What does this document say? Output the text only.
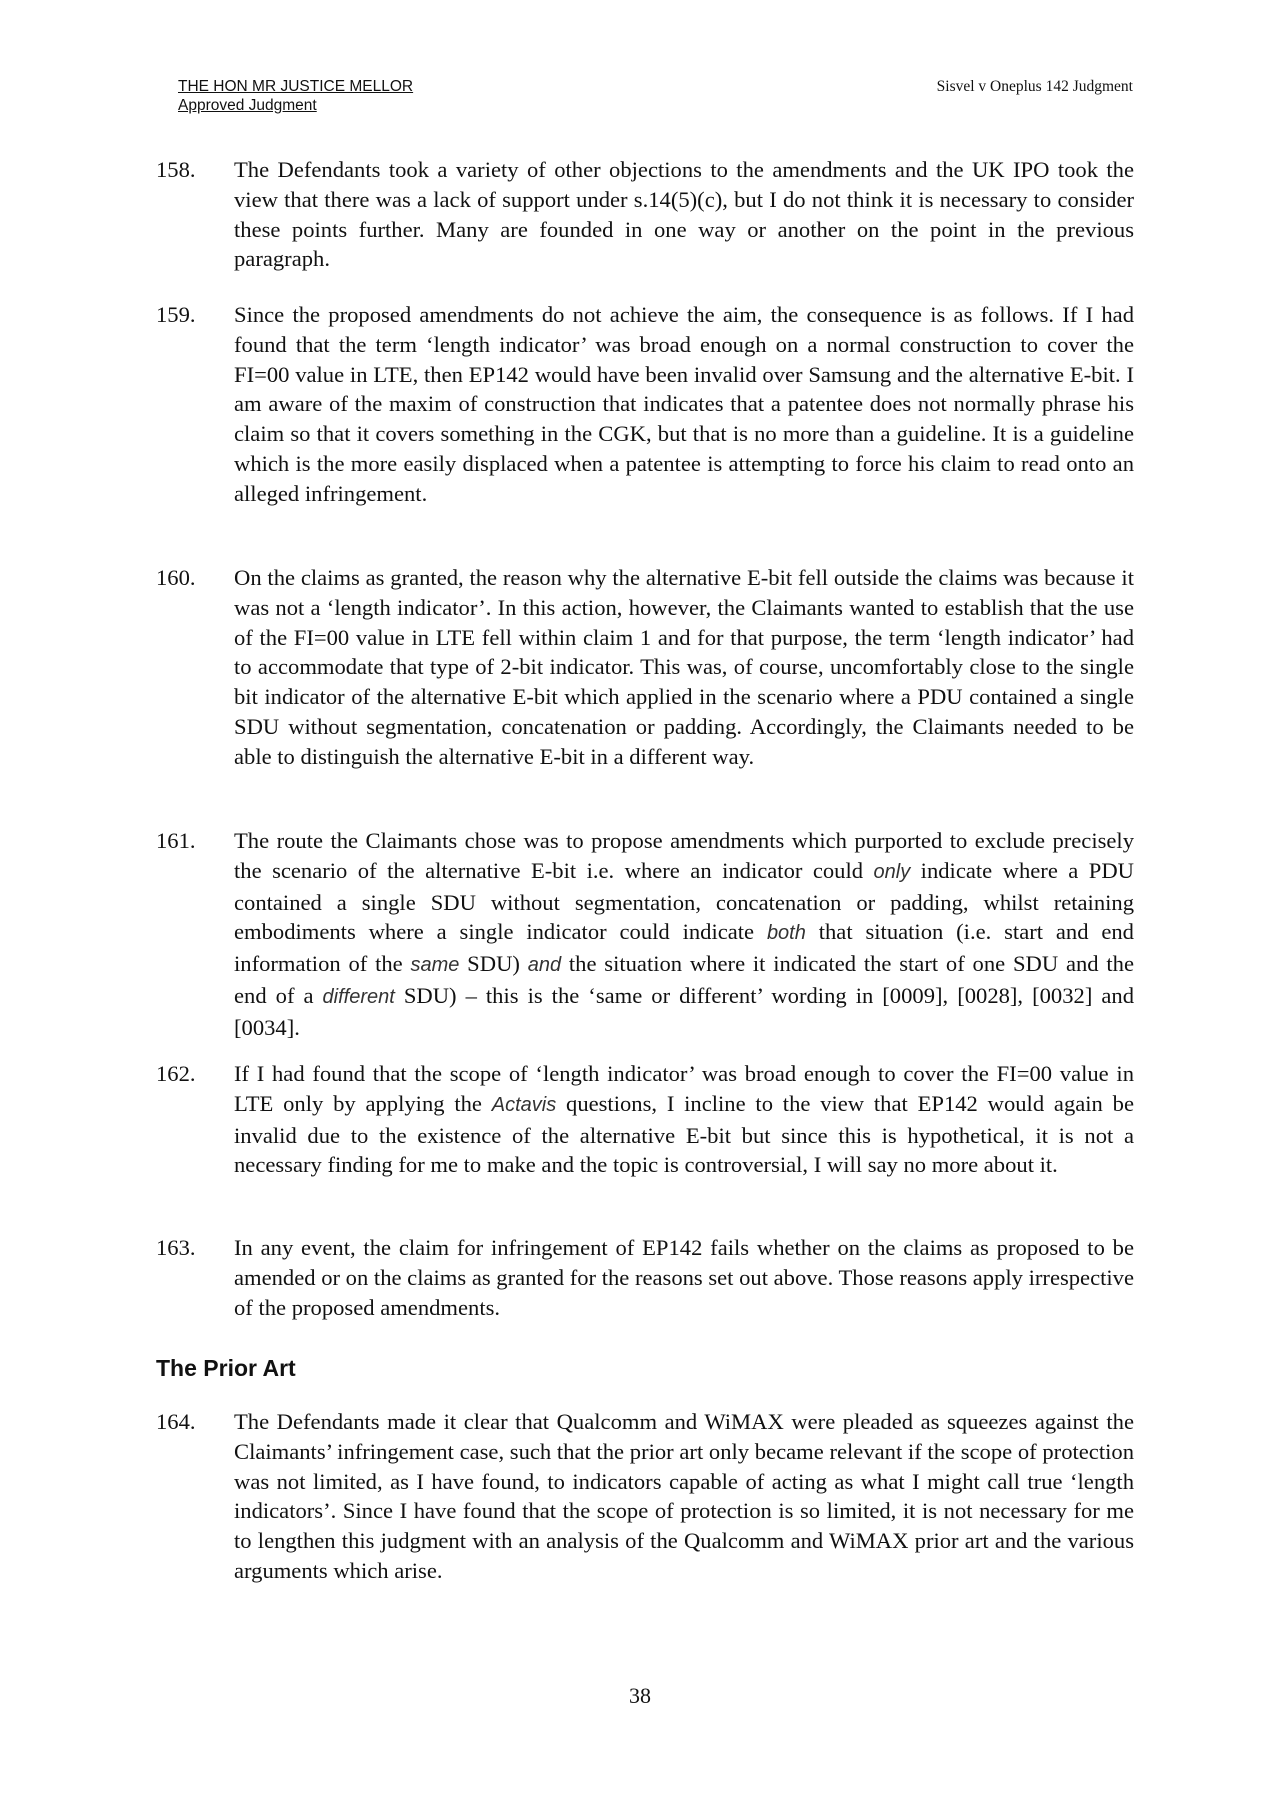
THE HON MR JUSTICE MELLOR
Approved Judgment
Sisvel v Oneplus 142 Judgment
158.	The Defendants took a variety of other objections to the amendments and the UK IPO took the view that there was a lack of support under s.14(5)(c), but I do not think it is necessary to consider these points further. Many are founded in one way or another on the point in the previous paragraph.

159.	Since the proposed amendments do not achieve the aim, the consequence is as follows. If I had found that the term ‘length indicator’ was broad enough on a normal construction to cover the FI=00 value in LTE, then EP142 would have been invalid over Samsung and the alternative E-bit. I am aware of the maxim of construction that indicates that a patentee does not normally phrase his claim so that it covers something in the CGK, but that is no more than a guideline. It is a guideline which is the more easily displaced when a patentee is attempting to force his claim to read onto an alleged infringement.

160.	On the claims as granted, the reason why the alternative E-bit fell outside the claims was because it was not a ‘length indicator’. In this action, however, the Claimants wanted to establish that the use of the FI=00 value in LTE fell within claim 1 and for that purpose, the term ‘length indicator’ had to accommodate that type of 2-bit indicator. This was, of course, uncomfortably close to the single bit indicator of the alternative E-bit which applied in the scenario where a PDU contained a single SDU without segmentation, concatenation or padding. Accordingly, the Claimants needed to be able to distinguish the alternative E-bit in a different way.

161.	The route the Claimants chose was to propose amendments which purported to exclude precisely the scenario of the alternative E-bit i.e. where an indicator could only indicate where a PDU contained a single SDU without segmentation, concatenation or padding, whilst retaining embodiments where a single indicator could indicate both that situation (i.e. start and end information of the same SDU) and the situation where it indicated the start of one SDU and the end of a different SDU) – this is the ‘same or different’ wording in [0009], [0028], [0032] and [0034].

162.	If I had found that the scope of ‘length indicator’ was broad enough to cover the FI=00 value in LTE only by applying the Actavis questions, I incline to the view that EP142 would again be invalid due to the existence of the alternative E-bit but since this is hypothetical, it is not a necessary finding for me to make and the topic is controversial, I will say no more about it.

163.	In any event, the claim for infringement of EP142 fails whether on the claims as proposed to be amended or on the claims as granted for the reasons set out above. Those reasons apply irrespective of the proposed amendments.

The Prior Art
164.	The Defendants made it clear that Qualcomm and WiMAX were pleaded as squeezes against the Claimants’ infringement case, such that the prior art only became relevant if the scope of protection was not limited, as I have found, to indicators capable of acting as what I might call true ‘length indicators’. Since I have found that the scope of protection is so limited, it is not necessary for me to lengthen this judgment with an analysis of the Qualcomm and WiMAX prior art and the various arguments which arise.

38
